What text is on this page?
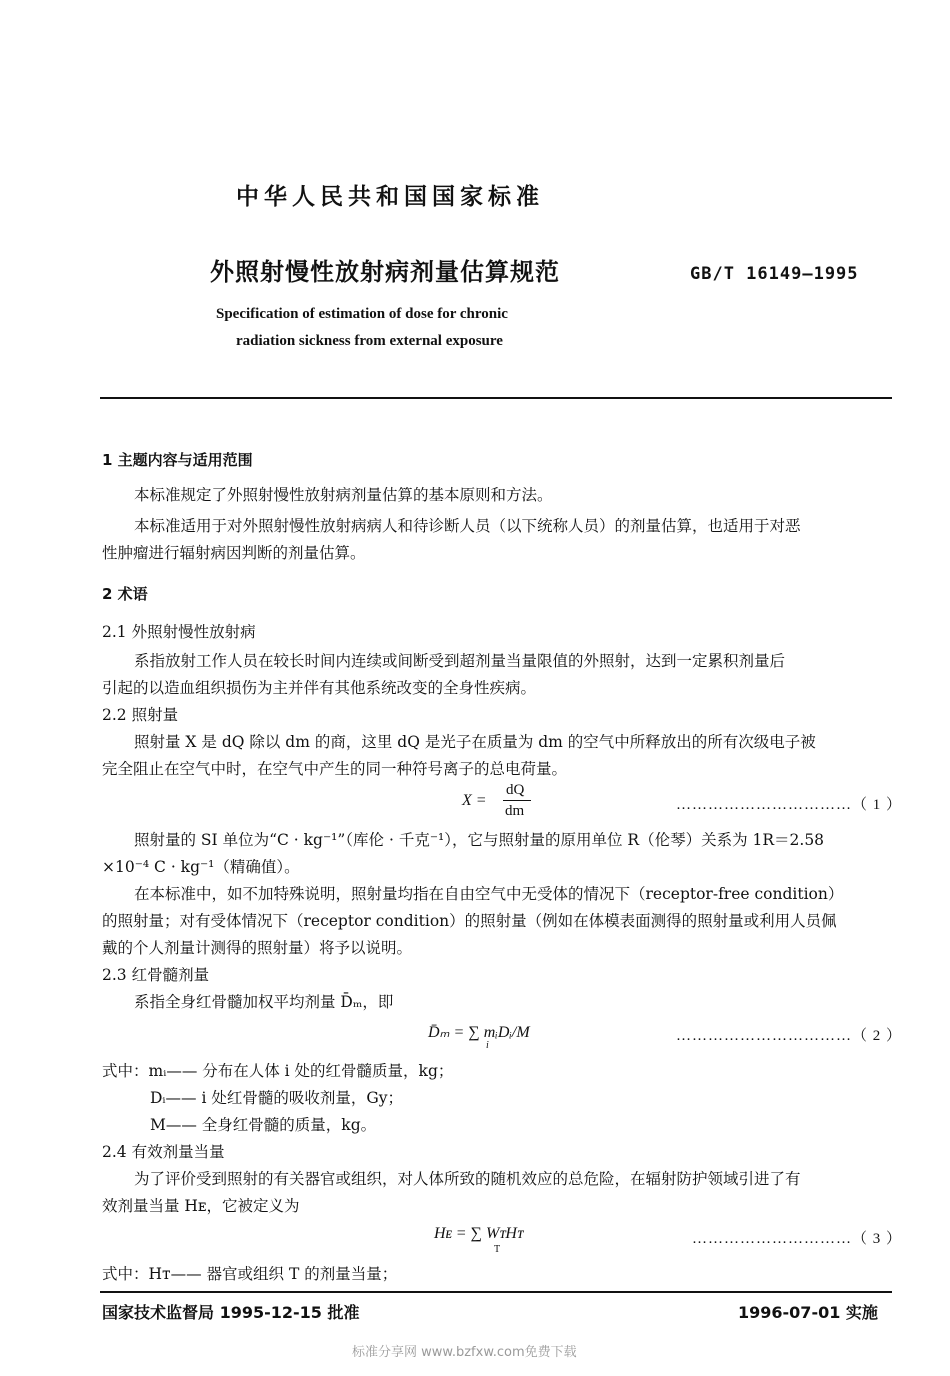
中华人民共和国国家标准
外照射慢性放射病剂量估算规范	GB/T 16149—1995
Specification of estimation of dose for chronic
radiation sickness from external exposure
1 主题内容与适用范围
本标准规定了外照射慢性放射病剂量估算的基本原则和方法。
本标准适用于对外照射慢性放射病病人和待诊断人员（以下统称人员）的剂量估算，也适用于对恶
性肿瘤进行辐射病因判断的剂量估算。
2 术语
2.1 外照射慢性放射病
系指放射工作人员在较长时间内连续或间断受到超剂量当量限值的外照射，达到一定累积剂量后
引起的以造血组织损伤为主并伴有其他系统改变的全身性疾病。
2.2 照射量
照射量 X 是 dQ 除以 dm 的商，这里 dQ 是光子在质量为 dm 的空气中所释放出的所有次级电子被
完全阻止在空气中时，在空气中产生的同一种符号离子的总电荷量。
X =
dQ
dm	……………………………（ 1 ）
照射量的 SI 单位为“C · kg⁻¹”（库伦 · 千克⁻¹），它与照射量的原用单位 R（伦琴）关系为 1R＝2.58
×10⁻⁴ C · kg⁻¹（精确值）。
在本标准中，如不加特殊说明，照射量均指在自由空气中无受体的情况下（receptor-free condition）
的照射量；对有受体情况下（receptor condition）的照射量（例如在体模表面测得的照射量或利用人员佩
戴的个人剂量计测得的照射量）将予以说明。
2.3 红骨髓剂量
系指全身红骨髓加权平均剂量 D̄ₘ，即
D̄ₘ = ∑ mᵢDᵢ/M
i
……………………………（ 2 ）
式中：mᵢ—— 分布在人体 i 处的红骨髓质量，kg；
Dᵢ—— i 处红骨髓的吸收剂量，Gy；
M—— 全身红骨髓的质量，kg。
2.4 有效剂量当量
为了评价受到照射的有关器官或组织，对人体所致的随机效应的总危险，在辐射防护领域引进了有
效剂量当量 Hᴇ，它被定义为
Hᴇ = ∑ WᴛHᴛ
T
…………………………（ 3 ）
式中：Hᴛ—— 器官或组织 T 的剂量当量；
国家技术监督局 1995-12-15 批准	1996-07-01 实施
标准分享网 www.bzfxw.com免费下载
